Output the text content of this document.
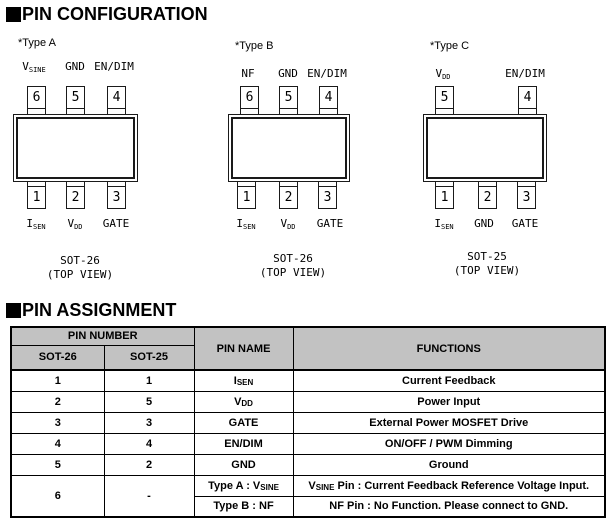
PIN CONFIGURATION
*Type A
$V_{SINE}$ GND EN/DIM
6	5	4
1	2	3
$I_{SEN}$ $V_{DD}$ GATE
SOT-26
(TOP VIEW)
*Type B
NF GND EN/DIM
6	5	4
1	2	3
$I_{SEN}$ $V_{DD}$ GATE
SOT-26
(TOP VIEW)
*Type C
$V_{DD}$	EN/DIM
5	4
1	2	3
$I_{SEN}$ GND GATE
SOT-25
(TOP VIEW)
PIN ASSIGNMENT
PIN NUMBER		PIN NAME	FUNCTIONS
SOT-26	SOT-25		
1	1	ISEN	Current Feedback
2	5	VDD	Power Input
3	3	GATE	External Power MOSFET Drive
4	4	EN/DIM	ON/OFF / PWM Dimming
5	2	GND	Ground
6	-	Type A : VSINE	VSINE Pin : Current Feedback Reference Voltage Input.
		Type B : NF	NF Pin : No Function. Please connect to GND.
